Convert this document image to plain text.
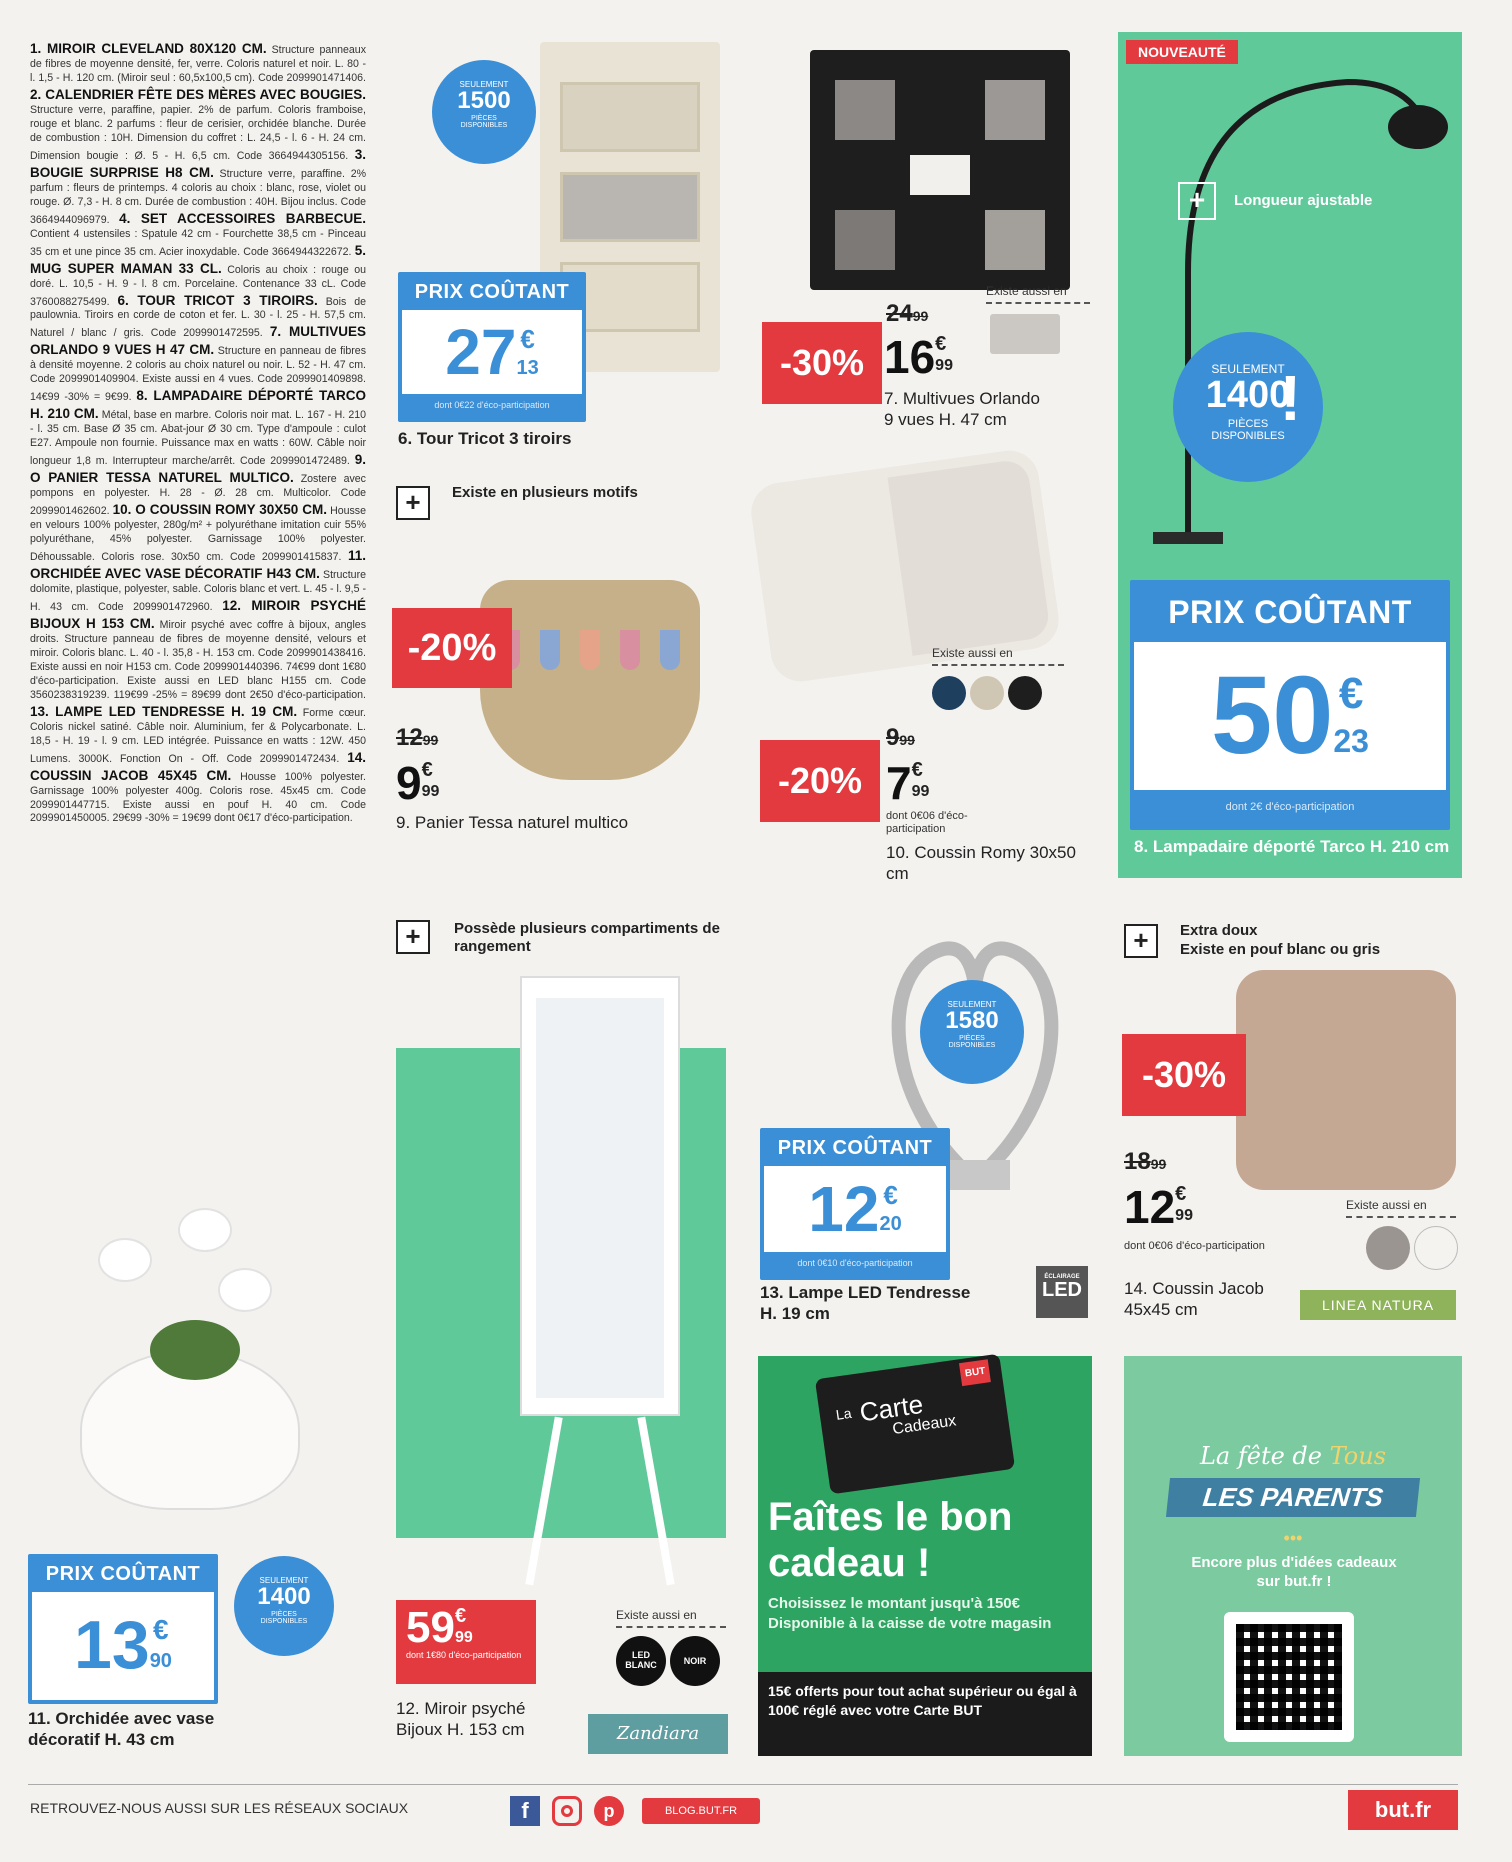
1. MIROIR CLEVELAND 80X120 CM. Structure panneaux de fibres de moyenne densité, fer, verre. Coloris naturel et noir. L. 80 - l. 1,5 - H. 120 cm. (Miroir seul : 60,5x100,5 cm). Code 2099901471406. 2. CALENDRIER FÊTE DES MÈRES AVEC BOUGIES. Structure verre, paraffine, papier. 2% de parfum. Coloris framboise, rouge et blanc. 2 parfums : fleur de cerisier, orchidée blanche. Durée de combustion : 10H. Dimension du coffret : L. 24,5 - l. 6 - H. 24 cm. Dimension bougie : Ø. 5 - H. 6,5 cm. Code 3664944305156. 3. BOUGIE SURPRISE H8 CM. Structure verre, paraffine. 2% parfum : fleurs de printemps. 4 coloris au choix : blanc, rose, violet ou rouge. Ø. 7,3 - H. 8 cm. Durée de combustion : 40H. Bijou inclus. Code 3664944096979. 4. SET ACCESSOIRES BARBECUE. Contient 4 ustensiles : Spatule 42 cm - Fourchette 38,5 cm - Pinceau 35 cm et une pince 35 cm. Acier inoxydable. Code 3664944322672. 5. MUG SUPER MAMAN 33 CL. Coloris au choix : rouge ou doré. L. 10,5 - H. 9 - l. 8 cm. Porcelaine. Contenance 33 cL. Code 3760088275499. 6. TOUR TRICOT 3 TIROIRS. Bois de paulownia. Tiroirs en corde de coton et fer. L. 30 - l. 25 - H. 57,5 cm. Naturel / blanc / gris. Code 2099901472595. 7. MULTIVUES ORLANDO 9 VUES H 47 CM. Structure en panneau de fibres à densité moyenne. 2 coloris au choix naturel ou noir. L. 52 - H. 47 cm. Code 2099901409904. Existe aussi en 4 vues. Code 2099901409898. 14€99 -30% = 9€99. 8. LAMPADAIRE DÉPORTÉ TARCO H. 210 CM. Métal, base en marbre. Coloris noir mat. L. 167 - H. 210 - l. 35 cm. Base Ø 35 cm. Abat-jour Ø 30 cm. Type d'ampoule : culot E27. Ampoule non fournie. Puissance max en watts : 60W. Câble noir longueur 1,8 m. Interrupteur marche/arrêt. Code 2099901472489. 9. O PANIER TESSA NATUREL MULTICO. Zostere avec pompons en polyester. H. 28 - Ø. 28 cm. Multicolor. Code 2099901462602. 10. O COUSSIN ROMY 30X50 CM. Housse en velours 100% polyester, 280g/m² + polyuréthane imitation cuir 55% polyuréthane, 45% polyester. Garnissage 100% polyester. Déhoussable. Coloris rose. 30x50 cm. Code 2099901415837. 11. ORCHIDÉE AVEC VASE DÉCORATIF H43 CM. Structure dolomite, plastique, polyester, sable. Coloris blanc et vert. L. 45 - l. 9,5 - H. 43 cm. Code 2099901472960. 12. MIROIR PSYCHÉ BIJOUX H 153 CM. Miroir psyché avec coffre à bijoux, angles droits. Structure panneau de fibres de moyenne densité, velours et miroir. Coloris blanc. L. 40 - l. 35,8 - H. 153 cm. Code 2099901438416. Existe aussi en noir H153 cm. Code 2099901440396. 74€99 dont 1€80 d'éco-participation. Existe aussi en LED blanc H155 cm. Code 3560238319239. 119€99 -25% = 89€99 dont 2€50 d'éco-participation. 13. LAMPE LED TENDRESSE H. 19 CM. Forme cœur. Coloris nickel satiné. Câble noir. Aluminium, fer & Polycarbonate. L. 18,5 - H. 19 - l. 9 cm. LED intégrée. Puissance en watts : 12W. 450 Lumens. 3000K. Fonction On - Off. Code 2099901472434. 14. COUSSIN JACOB 45X45 CM. Housse 100% polyester. Garnissage 100% polyester 400g. Coloris rose. 45x45 cm. Code 2099901447715. Existe aussi en pouf H. 40 cm. Code 2099901450005. 29€99 -30% = 19€99 dont 0€17 d'éco-participation.
SEULEMENT
1500
PIÈCES DISPONIBLES
PRIX COÛTANT
27 €
13
dont 0€22 d'éco-participation
6. Tour Tricot 3 tiroirs
Existe aussi en
-30%
2499
16€
99
7. Multivues Orlando 9 vues H. 47 cm
NOUVEAUTÉ
+	Longueur ajustable
SEULEMENT
1400
PIÈCES DISPONIBLES
!
PRIX COÛTANT
50 €
23
dont 2€ d'éco-participation
8. Lampadaire déporté Tarco H. 210 cm
+	Existe en plusieurs motifs
-20%
1299
9€
99
9. Panier Tessa naturel multico
Existe aussi en
-20%
999
7€
99
dont 0€06 d'éco-participation
10. Coussin Romy 30x50 cm
PRIX COÛTANT
13 €
90
SEULEMENT
1400
PIÈCES DISPONIBLES
11. Orchidée avec vase décoratif H. 43 cm
+	Possède plusieurs compartiments de rangement
59€
99
dont 1€80 d'éco-participation
Existe aussi en
LED BLANC	NOIR
12. Miroir psyché Bijoux H. 153 cm	Zandiara
SEULEMENT
1580
PIÈCES DISPONIBLES
PRIX COÛTANT
12 €
20
dont 0€10 d'éco-participation
13. Lampe LED Tendresse H. 19 cm
ÉCLAIRAGE
LED
+	Extra doux
Existe en pouf blanc ou gris
-30%
1899
12€
99
dont 0€06 d'éco-participation
Existe aussi en
14. Coussin Jacob 45x45 cm	LINEA NATURA
La Carte
Cadeaux
BUT
Faîtes le bon cadeau !
Choisissez le montant jusqu'à 150€ Disponible à la caisse de votre magasin
15€ offerts pour tout achat supérieur ou égal à 100€ réglé avec votre Carte BUT
La fête de Tous
LES PARENTS
•••
Encore plus d'idées cadeaux sur but.fr !
RETROUVEZ-NOUS AUSSI SUR LES RÉSEAUX SOCIAUX	f	p	BLOG.BUT.FR	but.fr
